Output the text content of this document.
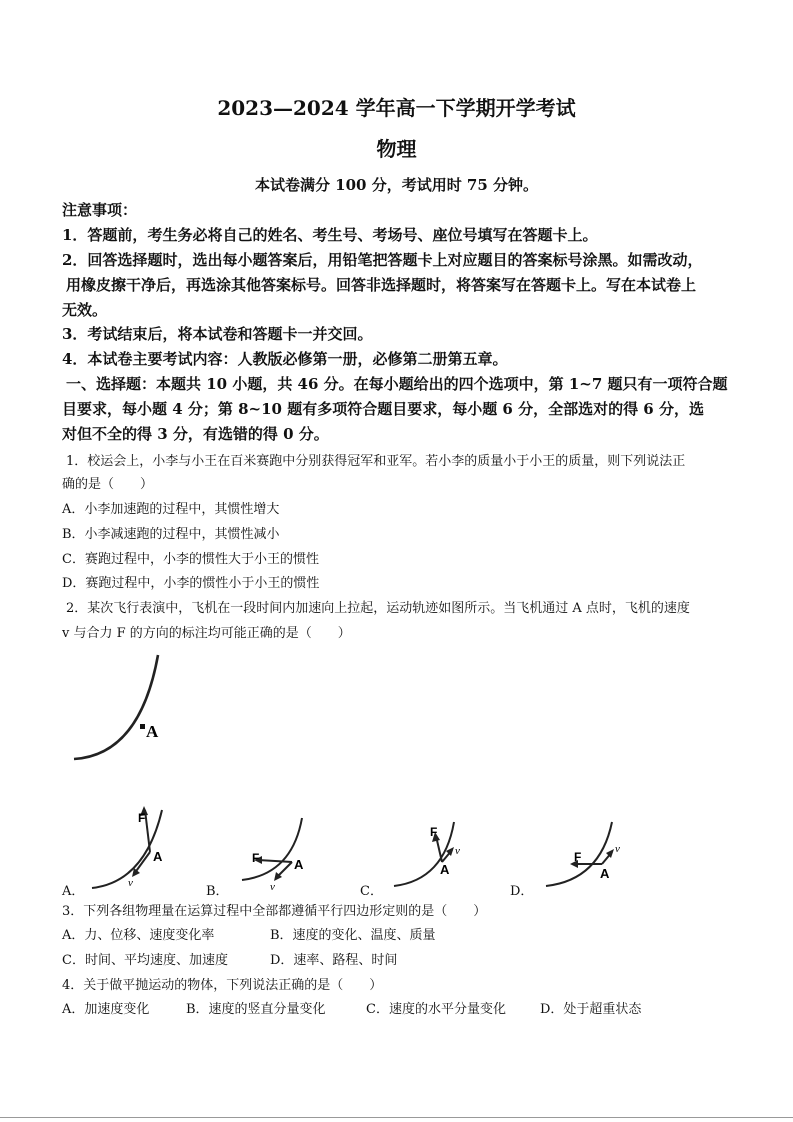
2023—2024 学年高一下学期开学考试
物理
本试卷满分 100 分，考试用时 75 分钟。
注意事项：
1．答题前，考生务必将自己的姓名、考生号、考场号、座位号填写在答题卡上。
2．回答选择题时，选出每小题答案后，用铅笔把答题卡上对应题目的答案标号涂黑。如需改动，
用橡皮擦干净后，再选涂其他答案标号。回答非选择题时，将答案写在答题卡上。写在本试卷上
无效。
3．考试结束后，将本试卷和答题卡一并交回。
4．本试卷主要考试内容：人教版必修第一册，必修第二册第五章。
一、选择题：本题共 10 小题，共 46 分。在每小题给出的四个选项中，第 1~7 题只有一项符合题
目要求，每小题 4 分；第 8~10 题有多项符合题目要求，每小题 6 分，全部选对的得 6 分，选
对但不全的得 3 分，有选错的得 0 分。
1．校运会上，小李与小王在百米赛跑中分别获得冠军和亚军。若小李的质量小于小王的质量，则下列说法正
确的是（　　）
A．小李加速跑的过程中，其惯性增大
B．小李减速跑的过程中，其惯性减小
C．赛跑过程中，小李的惯性大于小王的惯性
D．赛跑过程中，小李的惯性小于小王的惯性
2．某次飞行表演中，飞机在一段时间内加速向上拉起，运动轨迹如图所示。当飞机通过 A 点时，飞机的速度
v 与合力 F 的方向的标注均可能正确的是（　　）
A
A．
F
A
v
B．
F	A
v	C．
F
A
v
D．
F
A
v
3．下列各组物理量在运算过程中全部都遵循平行四边形定则的是（　　）
A．力、位移、速度变化率	B．速度的变化、温度、质量
C．时间、平均速度、加速度	D．速率、路程、时间
4．关于做平抛运动的物体，下列说法正确的是（　　）
A．加速度变化	B．速度的竖直分量变化	C．速度的水平分量变化	D．处于超重状态
